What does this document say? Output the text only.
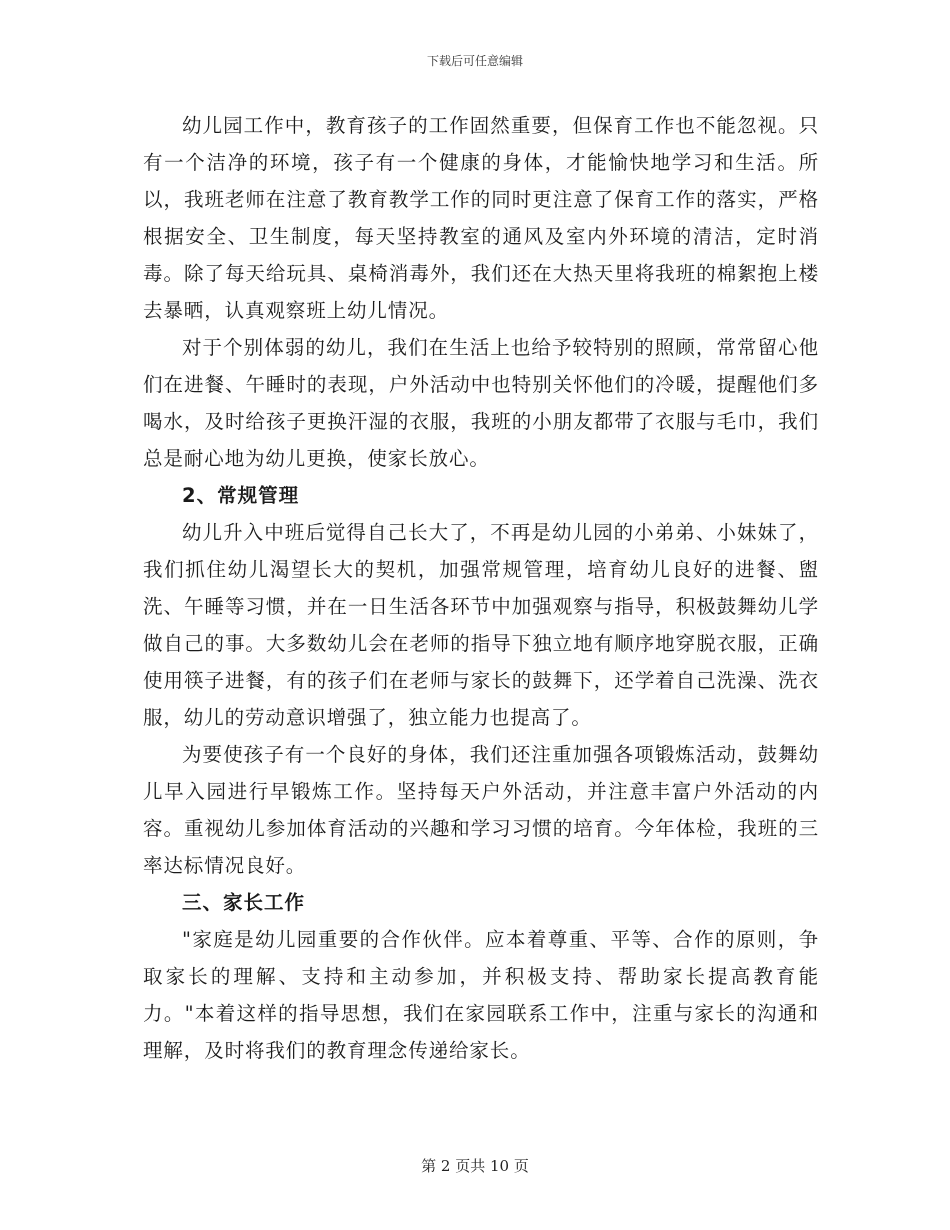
下载后可任意编辑

幼儿园工作中，教育孩子的工作固然重要，但保育工作也不能忽视。只有一个洁净的环境，孩子有一个健康的身体，才能愉快地学习和生活。所以，我班老师在注意了教育教学工作的同时更注意了保育工作的落实，严格根据安全、卫生制度，每天坚持教室的通风及室内外环境的清洁，定时消毒。除了每天给玩具、桌椅消毒外，我们还在大热天里将我班的棉絮抱上楼去暴晒，认真观察班上幼儿情况。

对于个别体弱的幼儿，我们在生活上也给予较特别的照顾，常常留心他们在进餐、午睡时的表现，户外活动中也特别关怀他们的冷暖，提醒他们多喝水，及时给孩子更换汗湿的衣服，我班的小朋友都带了衣服与毛巾，我们总是耐心地为幼儿更换，使家长放心。

2、常规管理

幼儿升入中班后觉得自己长大了，不再是幼儿园的小弟弟、小妹妹了，我们抓住幼儿渴望长大的契机，加强常规管理，培育幼儿良好的进餐、盥洗、午睡等习惯，并在一日生活各环节中加强观察与指导，积极鼓舞幼儿学做自己的事。大多数幼儿会在老师的指导下独立地有顺序地穿脱衣服，正确使用筷子进餐，有的孩子们在老师与家长的鼓舞下，还学着自己洗澡、洗衣服，幼儿的劳动意识增强了，独立能力也提高了。

为要使孩子有一个良好的身体，我们还注重加强各项锻炼活动，鼓舞幼儿早入园进行早锻炼工作。坚持每天户外活动，并注意丰富户外活动的内容。重视幼儿参加体育活动的兴趣和学习习惯的培育。今年体检，我班的三率达标情况良好。

三、家长工作

"家庭是幼儿园重要的合作伙伴。应本着尊重、平等、合作的原则，争取家长的理解、支持和主动参加，并积极支持、帮助家长提高教育能力。"本着这样的指导思想，我们在家园联系工作中，注重与家长的沟通和理解，及时将我们的教育理念传递给家长。

第 2 页共 10 页
